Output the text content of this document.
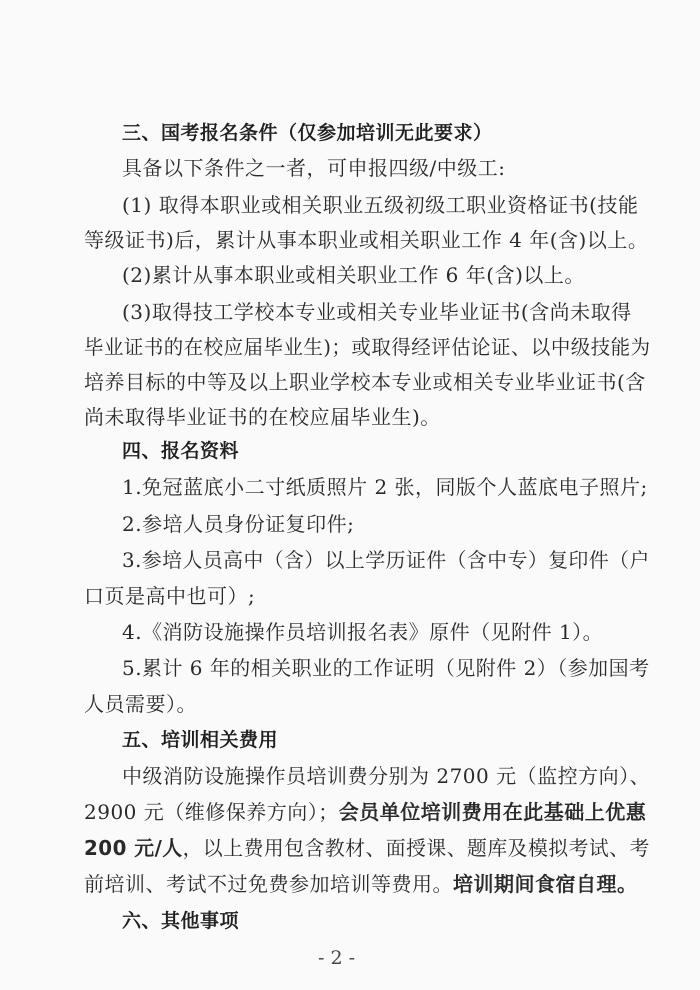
三、国考报名条件（仅参加培训无此要求）
具备以下条件之一者，可申报四级/中级工:
(1) 取得本职业或相关职业五级初级工职业资格证书(技能
等级证书)后，累计从事本职业或相关职业工作 4 年(含)以上。
(2)累计从事本职业或相关职业工作 6 年(含)以上。
(3)取得技工学校本专业或相关专业毕业证书(含尚未取得
毕业证书的在校应届毕业生)；或取得经评估论证、以中级技能为
培养目标的中等及以上职业学校本专业或相关专业毕业证书(含
尚未取得毕业证书的在校应届毕业生)。
四、报名资料
1.免冠蓝底小二寸纸质照片 2 张，同版个人蓝底电子照片;
2.参培人员身份证复印件;
3.参培人员高中（含）以上学历证件（含中专）复印件（户
口页是高中也可）;
4.《消防设施操作员培训报名表》原件（见附件 1）。
5.累计 6 年的相关职业的工作证明（见附件 2）（参加国考
人员需要）。
五、培训相关费用
中级消防设施操作员培训费分别为 2700 元（监控方向）、
2900 元（维修保养方向）；会员单位培训费用在此基础上优惠
200 元/人，以上费用包含教材、面授课、题库及模拟考试、考
前培训、考试不过免费参加培训等费用。培训期间食宿自理。
六、其他事项
- 2 -
